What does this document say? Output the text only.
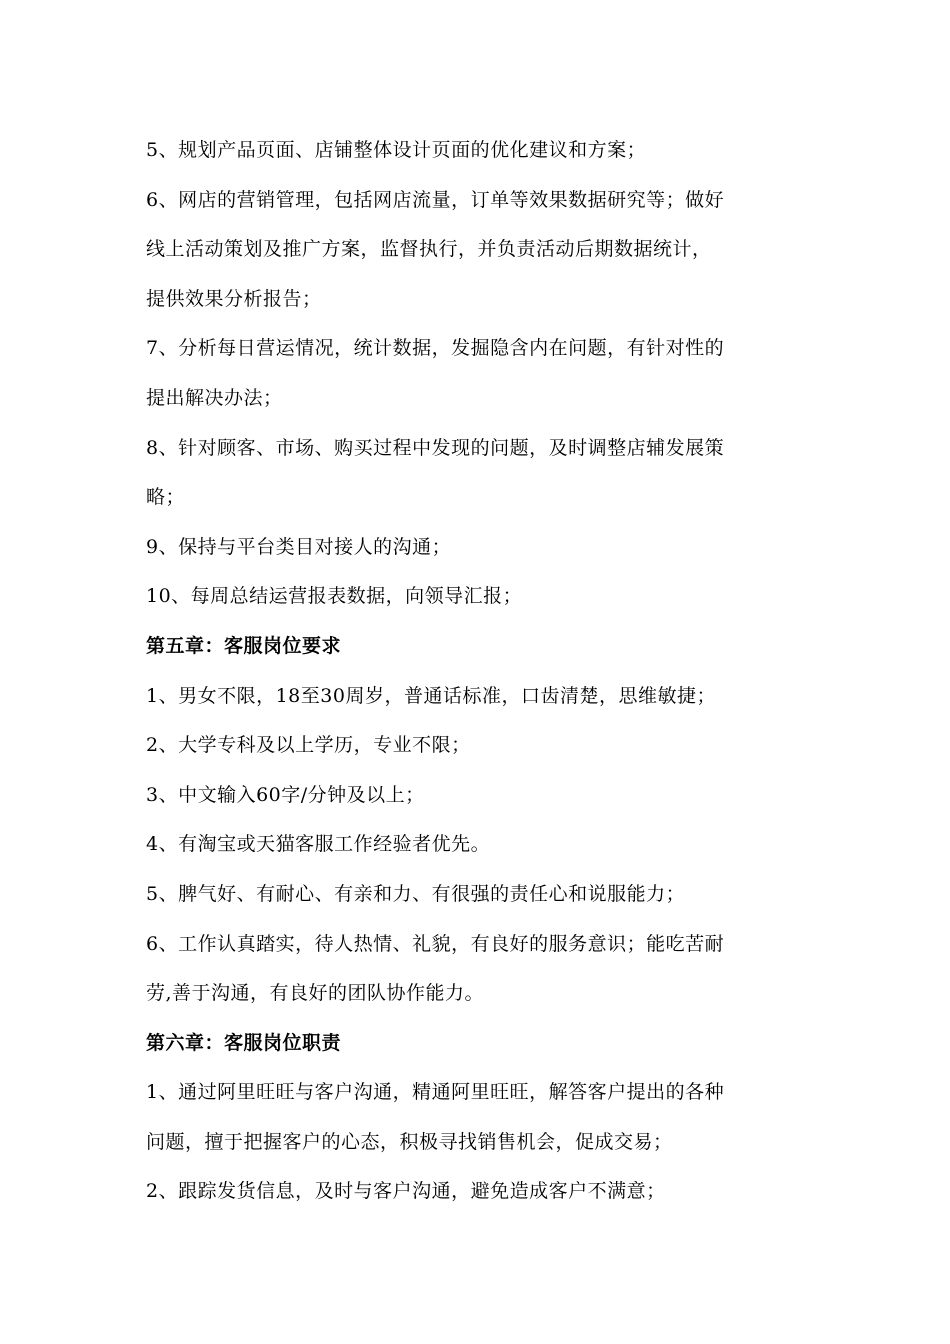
5、规划产品页面、店铺整体设计页面的优化建议和方案；
6、网店的营销管理，包括网店流量，订单等效果数据研究等；做好
线上活动策划及推广方案，监督执行，并负责活动后期数据统计，
提供效果分析报告；
7、分析每日营运情况，统计数据，发掘隐含内在问题，有针对性的
提出解决办法；
8、针对顾客、市场、购买过程中发现的问题，及时调整店辅发展策
略；
9、保持与平台类目对接人的沟通；
10、每周总结运营报表数据，向领导汇报；
第五章：客服岗位要求
1、男女不限，18至30周岁，普通话标准，口齿清楚，思维敏捷；
2、大学专科及以上学历，专业不限；
3、中文输入60字/分钟及以上；
4、有淘宝或天猫客服工作经验者优先。
5、脾气好、有耐心、有亲和力、有很强的责任心和说服能力；
6、工作认真踏实，待人热情、礼貌，有良好的服务意识；能吃苦耐
劳,善于沟通，有良好的团队协作能力。
第六章：客服岗位职责
1、通过阿里旺旺与客户沟通，精通阿里旺旺，解答客户提出的各种
问题，擅于把握客户的心态，积极寻找销售机会，促成交易；
2、跟踪发货信息，及时与客户沟通，避免造成客户不满意；
